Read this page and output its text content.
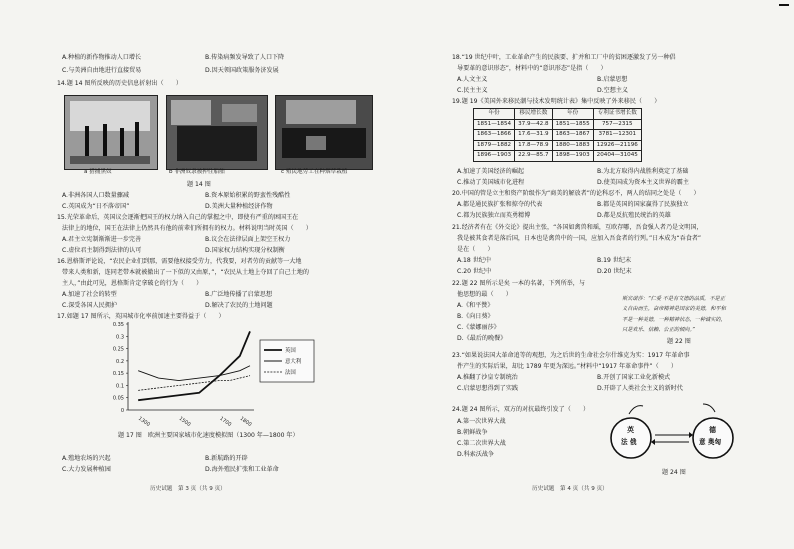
A.种植的新作物推动人口增长	B.传染病频发导致了人口下降
C.与美洲自由地进行直接贸易	D.因天领国政策服务济发展
14.题 14 图所反映的历史信息折射出（　　）
a 猎捕黑奴	b 非洲奴隶被押往船舶	c 殖民地劳工在种烟草栽植
题 14 图
A.非洲各国人口数量骤减	B.资本原始积累的野蛮性残酷性
C.英国成为“日不落帝国”	D.美洲大量种植经济作物
15.光荣革命后，英国议会逐渐把国王的权力纳入自己的掌握之中，即使有严重的困国王在
法律上的地位，国王在法律上仍然具有他的前辈们所拥有的权力。材料说明当时英国（　　）
A.君主立宪制渐渐进一步完善	B.议会在法律层面上架空王权力
C.虚位君主制得到法律的认可	D.国家权力结构实现分权制衡
16.恩格斯评论说，“农民企业们到那，需要他权接受劳力，代我要，对者劳的贡献等一大地
带来人类和新，连同老带本就被撤出了一下似的又由原，”，“农民从土地上夺回了自己土地的
主人，”由此可见，恩格斯肯定拿破仑的行为（　　）
A.加速了社会的转型	B.广泛地传播了启蒙思想
C.深受各国人民拥护	D.解决了农民的土地问题
17.如题 17 图所示，英国城市化率前加速主要得益于（　　）
0.35
0.3
0.25
0.2
0.15
0.1
0.05
0
1300	1500	1700 1800
英国
意大利
法国
题 17 图　欧洲主要国家城市化速度模拟图（1300 年—1800 年）
A.殖地农场的兴起	B.新航路的开辟
C.大力发展种植园	D.海外殖民扩张和工业革命
历史试题　第 3 页（共 9 页）
18.“19 世纪中叶，工业革命产生的民族要、扩并和工厂中的贫困逐激发了另一种倡
导要革的意识形态”，材料中的“意识形态”是指（　　）
A.人文主义	B.启蒙思想
C.民主主义	D.空想主义
19.题 19《美国外来移民潮与技术发明统计表》集中反映了外来移民（　　）
年份	移民增长数	年份	专利证书增长数
1851—1854	37.9—42.8	1851—1855	757—2315
1863—1866	17.6—31.9	1863—1867	3781—12301
1879—1882	17.8—78.9	1880—1883	12926—21196
1896—1903	22.9—85.7	1898—1903	20404—31045
A.加速了美国经济的崛起	B.为北方取得内战胜利奠定了基础
C.推动了美国城市化进程	D.使美国成为资本主义世界的霸主
20.中国的管是立主和资产阶级作为“商美的解放者”的论科忍不，两人的结同之处是（　　）
A.都是通民族扩张和掠夺的代表	B.都是英国的国家赢得了民族独立
C.都为民族独立而英勇精博	D.都是反抗殖民统治的英雄
21.经济者有在《外交论》提出主张，“各国如禽兽和瑶，互欧存哪，吾食强人者乃是文明国，
我是被其食者是落后国，日本也是禽兽中的一国，应加入吾食者的行列。”日本成为“吞食者”
是在（　　）
A.18 世纪中	B.19 世纪末
C.20 世纪中	D.20 世纪末
22.题 22 图所示是矣 一本的名著，下列所举，与
他思想的最（　　）
A.《和平赞》
B.《向日葵》
C.《蒙娜丽莎》
D.《最后的晚餐》	题 22 图
23.“如果说法国大革命追等的观想，为之后世的生命社会尔什维克为实：1917 年革命事
件产生的实际后果，却比 1789 年更为深远。”材料中“1917 年革命事件”（　　）
A.推翻了沙皇专制统治	B.开创了国家工业化新模式
C.启蒙思想得到了实践	D.开辟了人类社会主义的新时代
24.题 24 图所示，双方的对抗最终引发了（　　）
A.第一次世界大战
B.朝鲜战争
C.第二次世界大战
D.科索沃战争
英
法 俄
德
意 奥匈
题 24 图
历史试题　第 4 页（共 9 页）
斯宾诺莎：“仁爱 不是有文德的品质，不是正义自由而生，奋帝精神是国家的美德，和平和平是一种美德，一种精神状态，一种诚实的，只是欢乐、信赖、公正的倾向。”
